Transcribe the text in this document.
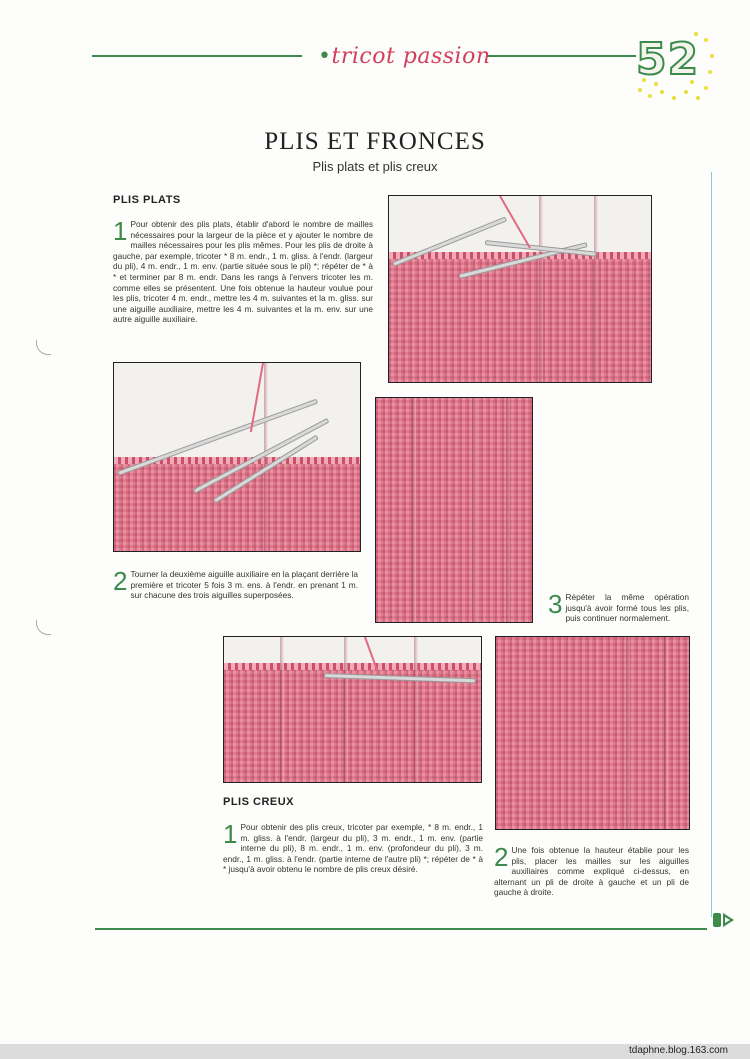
•tricot passion	52
PLIS ET FRONCES
Plis plats et plis creux
PLIS PLATS
1 Pour obtenir des plis plats, établir d'abord le nombre de mailles nécessaires pour la largeur de la pièce et y ajouter le nombre de mailles nécessaires pour les plis mêmes. Pour les plis de droite à gauche, par exemple, tricoter * 8 m. endr., 1 m. gliss. à l'endr. (largeur du pli), 4 m. endr., 1 m. env. (partie située sous le pli) *; répéter de * à * et terminer par 8 m. endr. Dans les rangs à l'envers tricoter les m. comme elles se présentent. Une fois obtenue la hauteur voulue pour les plis, tricoter 4 m. endr., mettre les 4 m. suivantes et la m. gliss. sur une aiguille auxiliaire, mettre les 4 m. suivantes et la m. env. sur une autre aiguille auxiliaire.
2 Tourner la deuxième aiguille auxiliaire en la plaçant derrière la première et tricoter 5 fois 3 m. ens. à l'endr. en prenant 1 m. sur chacune des trois aiguilles superposées.	3 Répéter la même opération jusqu'à avoir formé tous les plis, puis continuer normalement.
PLIS CREUX
1 Pour obtenir des plis creux, tricoter par exemple, * 8 m. endr., 1 m. gliss. à l'endr. (largeur du pli), 3 m. endr., 1 m. env. (partie interne du pli), 8 m. endr., 1 m. env. (profondeur du pli), 3 m. endr., 1 m. gliss. à l'endr. (partie interne de l'autre pli) *; répéter de * à * jusqu'à avoir obtenu le nombre de plis creux désiré.	2 Une fois obtenue la hauteur établie pour les plis, placer les mailles sur les aiguilles auxiliaires comme expliqué ci-dessus, en alternant un pli de droite à gauche et un pli de gauche à droite.
tdaphne.blog.163.com
